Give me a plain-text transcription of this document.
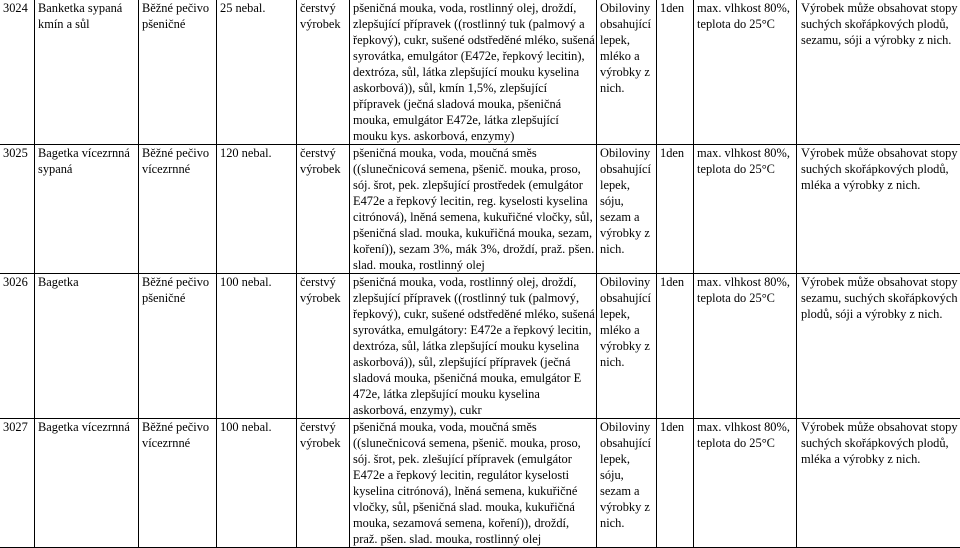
3024	Banketka sypaná kmín a sůl	Běžné pečivo pšeničné	25 nebal.	čerstvý výrobek	pšeničná mouka, voda, rostlinný olej, droždí, zlepšující přípravek ((rostlinný tuk (palmový a řepkový), cukr, sušené odstředěné mléko, sušená syrovátka, emulgátor (E472e, řepkový lecitin), dextróza, sůl, látka zlepšující mouku kyselina askorbová)), sůl, kmín 1,5%, zlepšující přípravek (ječná sladová mouka, pšeničná mouka, emulgátor E472e, látka zlepšující mouku kys. askorbová, enzymy)	Obiloviny obsahující lepek, mléko a výrobky z nich.	1den	max. vlhkost 80%, teplota do 25°C	Výrobek může obsahovat stopy suchých skořápkových plodů, sezamu, sóji a výrobky z nich.
3025	Bagetka vícezrnná sypaná	Běžné pečivo vícezrnné	120 nebal.	čerstvý výrobek	pšeničná mouka, voda, moučná směs ((slunečnicová semena, pšenič. mouka, proso, sój. šrot, pek. zlepšující prostředek (emulgátor E472e a řepkový lecitin, reg. kyselosti kyselina citrónová), lněná semena, kukuřičné vločky, sůl, pšeničná slad. mouka, kukuřičná mouka, sezam, koření)), sezam 3%, mák 3%, droždí, praž. pšen. slad. mouka, rostlinný olej	Obiloviny obsahující lepek, sóju, sezam a výrobky z nich.	1den	max. vlhkost 80%, teplota do 25°C	Výrobek může obsahovat stopy suchých skořápkových plodů, mléka a výrobky z nich.
3026	Bagetka	Běžné pečivo pšeničné	100 nebal.	čerstvý výrobek	pšeničná mouka, voda, rostlinný olej, droždí, zlepšující přípravek ((rostlinný tuk (palmový, řepkový), cukr, sušené odstředěné mléko, sušená syrovátka, emulgátory: E472e a řepkový lecitin, dextróza, sůl, látka zlepšující mouku kyselina askorbová)), sůl, zlepšující přípravek (ječná sladová mouka, pšeničná mouka, emulgátor E 472e, látka zlepšující mouku kyselina askorbová, enzymy), cukr	Obiloviny obsahující lepek, mléko a výrobky z nich.	1den	max. vlhkost 80%, teplota do 25°C	Výrobek může obsahovat stopy sezamu, suchých skořápkových plodů, sóji a výrobky z nich.
3027	Bagetka vícezrnná	Běžné pečivo vícezrnné	100 nebal.	čerstvý výrobek	pšeničná mouka, voda, moučná směs ((slunečnicová semena, pšenič. mouka, proso, sój. šrot, pek. zlešující přípravek (emulgátor E472e a řepkový lecitin, regulátor kyselosti kyselina citrónová), lněná semena, kukuřičné vločky, sůl, pšeničná slad. mouka, kukuřičná mouka, sezamová semena, koření)), droždí, praž. pšen. slad. mouka, rostlinný olej	Obiloviny obsahující lepek, sóju, sezam a výrobky z nich.	1den	max. vlhkost 80%, teplota do 25°C	Výrobek může obsahovat stopy suchých skořápkových plodů, mléka a výrobky z nich.
